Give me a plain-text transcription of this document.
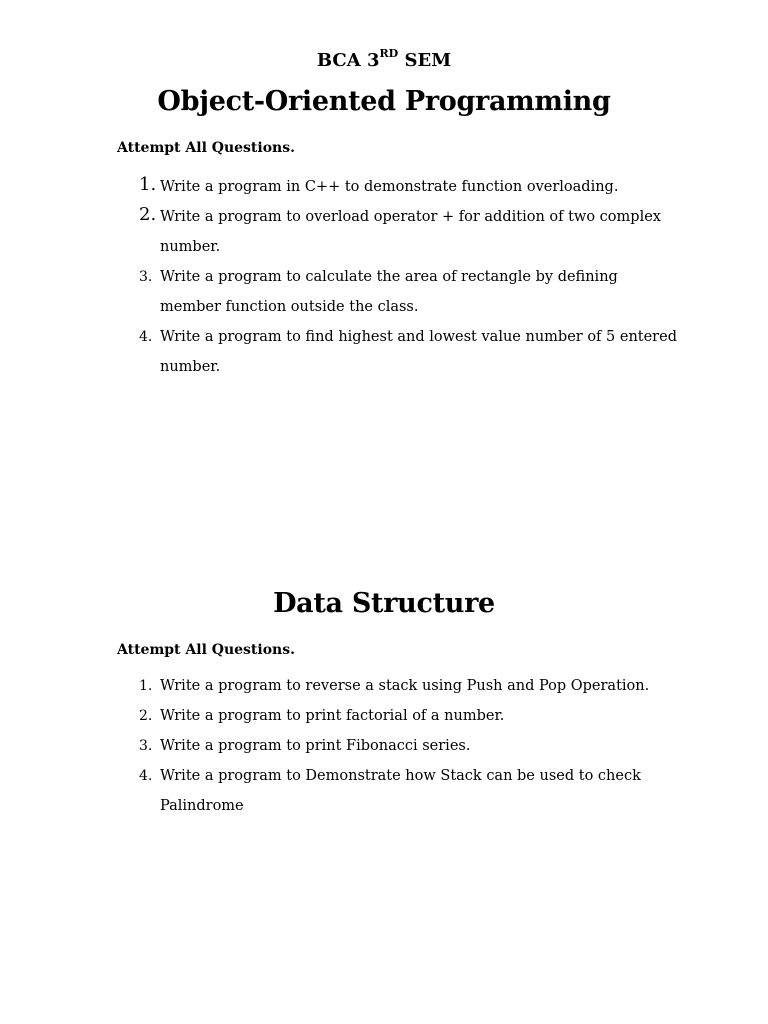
BCA 3RD SEM
Object-Oriented Programming
Attempt All Questions.
1. Write a program in C++ to demonstrate function overloading.
2. Write a program to overload operator + for addition of two complex number.
3. Write a program to calculate the area of rectangle by defining member function outside the class.
4. Write a program to find highest and lowest value number of 5 entered number.
Data Structure
Attempt All Questions.
1. Write a program to reverse a stack using Push and Pop Operation.
2. Write a program to print factorial of a number.
3. Write a program to print Fibonacci series.
4. Write a program to Demonstrate how Stack can be used to check Palindrome
